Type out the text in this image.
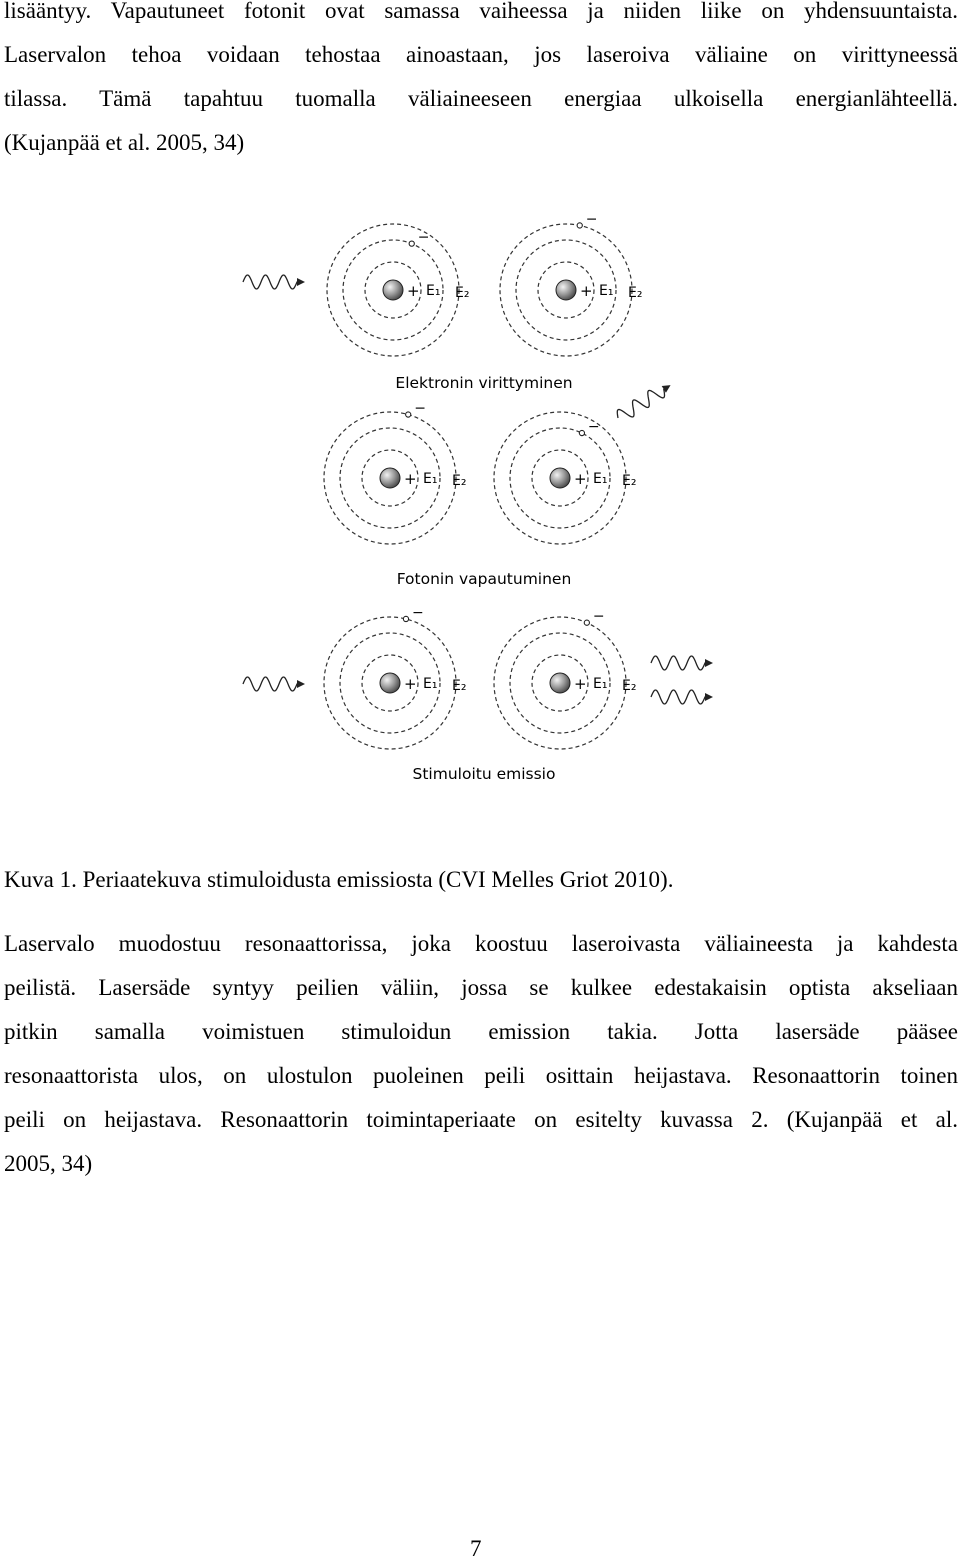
lisääntyy. Vapautuneet fotonit ovat samassa vaiheessa ja niiden liike on yhdensuuntaista.
Laservalon tehoa voidaan tehostaa ainoastaan, jos laseroiva väliaine on virittyneessä
tilassa. Tämä tapahtuu tuomalla väliaineeseen energiaa ulkoisella energianlähteellä.
(Kujanpää et al. 2005, 34)

+ E₁ E₂
−
+ E₁ E₂
−
+ E₁ E₂
−
+ E₁ E₂
−
+ E₁ E₂
−
+ E₁ E₂
−
Elektronin virittyminen
Fotonin vapautuminen
Stimuloitu emissio

Kuva 1. Periaatekuva stimuloidusta emissiosta (CVI Melles Griot 2010).

Laservalo muodostuu resonaattorissa, joka koostuu laseroivasta väliaineesta ja kahdesta
peilistä. Lasersäde syntyy peilien väliin, jossa se kulkee edestakaisin optista akseliaan
pitkin samalla voimistuen stimuloidun emission takia. Jotta lasersäde pääsee
resonaattorista ulos, on ulostulon puoleinen peili osittain heijastava. Resonaattorin toinen
peili on heijastava. Resonaattorin toimintaperiaate on esitelty kuvassa 2. (Kujanpää et al.
2005, 34)

7
